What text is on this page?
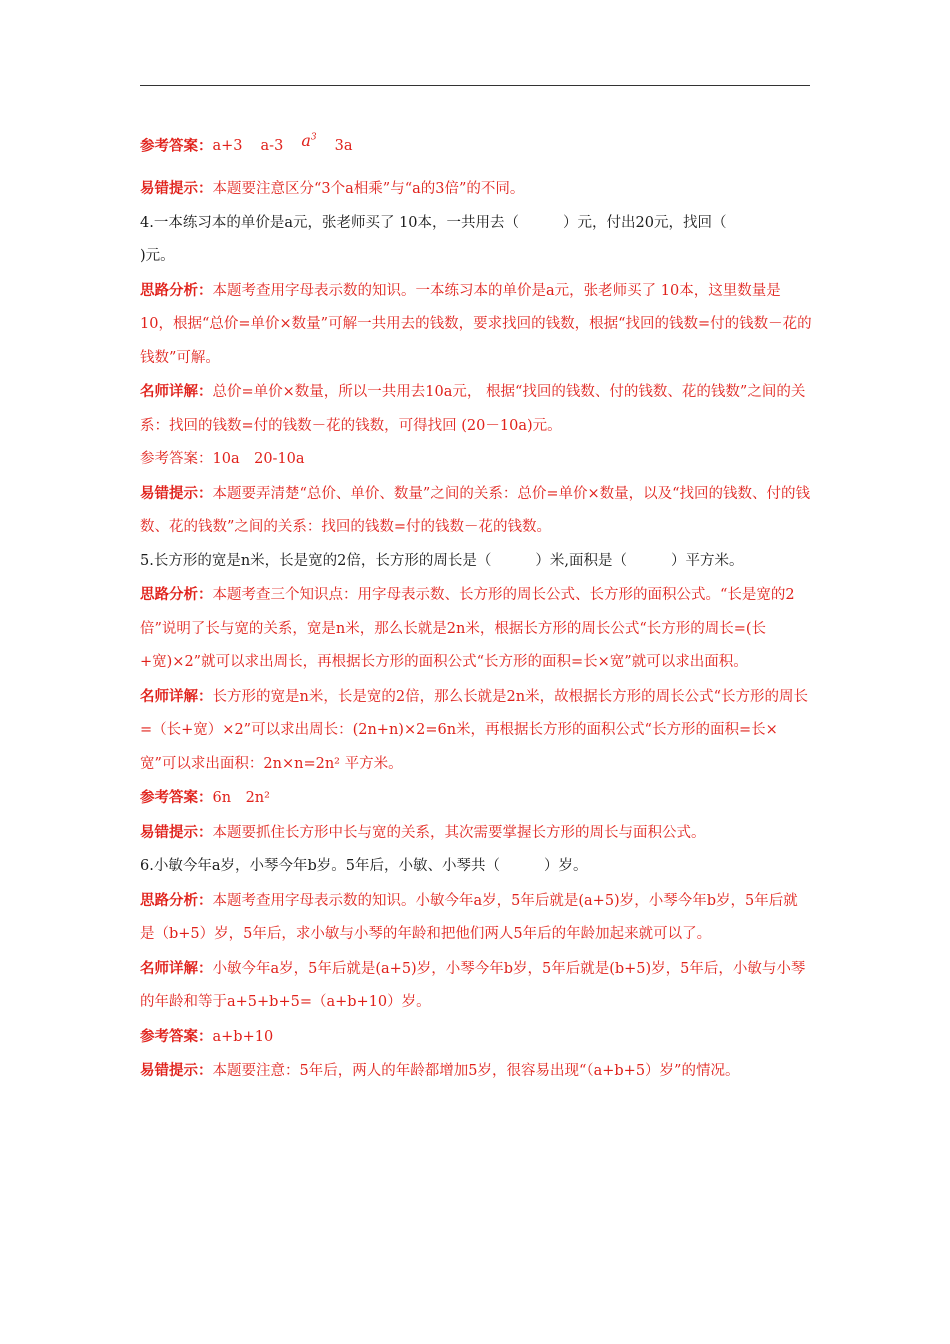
参考答案：a+3 a-3 $a^33a$

易错提示：本题要注意区分“3个a相乘”与“a的3倍”的不同。

4.一本练习本的单价是a元，张老师买了 10本，一共用去（	）元，付出20元，找回（
)元。

思路分析：本题考查用字母表示数的知识。一本练习本的单价是a元，张老师买了 10本，这里数量是10，根据“总价=单价×数量”可解一共用去的钱数，要求找回的钱数，根据“找回的钱数=付的钱数－花的钱数”可解。

名师详解：总价=单价×数量，所以一共用去10a元， 根据“找回的钱数、付的钱数、花的钱数”之间的关系：找回的钱数=付的钱数－花的钱数，可得找回 (20－10a)元。

参考答案：10a　20-10a

易错提示：本题要弄清楚“总价、单价、数量”之间的关系：总价=单价×数量，以及“找回的钱数、付的钱数、花的钱数”之间的关系：找回的钱数=付的钱数－花的钱数。

5.长方形的宽是n米，长是宽的2倍，长方形的周长是（	）米,面积是（	）平方米。

思路分析：本题考查三个知识点：用字母表示数、长方形的周长公式、长方形的面积公式。“长是宽的2倍”说明了长与宽的关系，宽是n米，那么长就是2n米，根据长方形的周长公式“长方形的周长=(长+宽)×2”就可以求出周长，再根据长方形的面积公式“长方形的面积=长×宽”就可以求出面积。

名师详解：长方形的宽是n米，长是宽的2倍，那么长就是2n米，故根据长方形的周长公式“长方形的周长=（长+宽）×2”可以求出周长：(2n+n)×2=6n米，再根据长方形的面积公式“长方形的面积=长×宽”可以求出面积：2n×n=2n² 平方米。

参考答案：6n　2n²

易错提示：本题要抓住长方形中长与宽的关系，其次需要掌握长方形的周长与面积公式。

6.小敏今年a岁，小琴今年b岁。5年后，小敏、小琴共（	）岁。

思路分析：本题考查用字母表示数的知识。小敏今年a岁，5年后就是(a+5)岁，小琴今年b岁，5年后就是（b+5）岁，5年后，求小敏与小琴的年龄和把他们两人5年后的年龄加起来就可以了。

名师详解：小敏今年a岁，5年后就是(a+5)岁，小琴今年b岁，5年后就是(b+5)岁，5年后，小敏与小琴的年龄和等于a+5+b+5=（a+b+10）岁。

参考答案：a+b+10

易错提示：本题要注意：5年后，两人的年龄都增加5岁，很容易出现“（a+b+5）岁”的情况。
